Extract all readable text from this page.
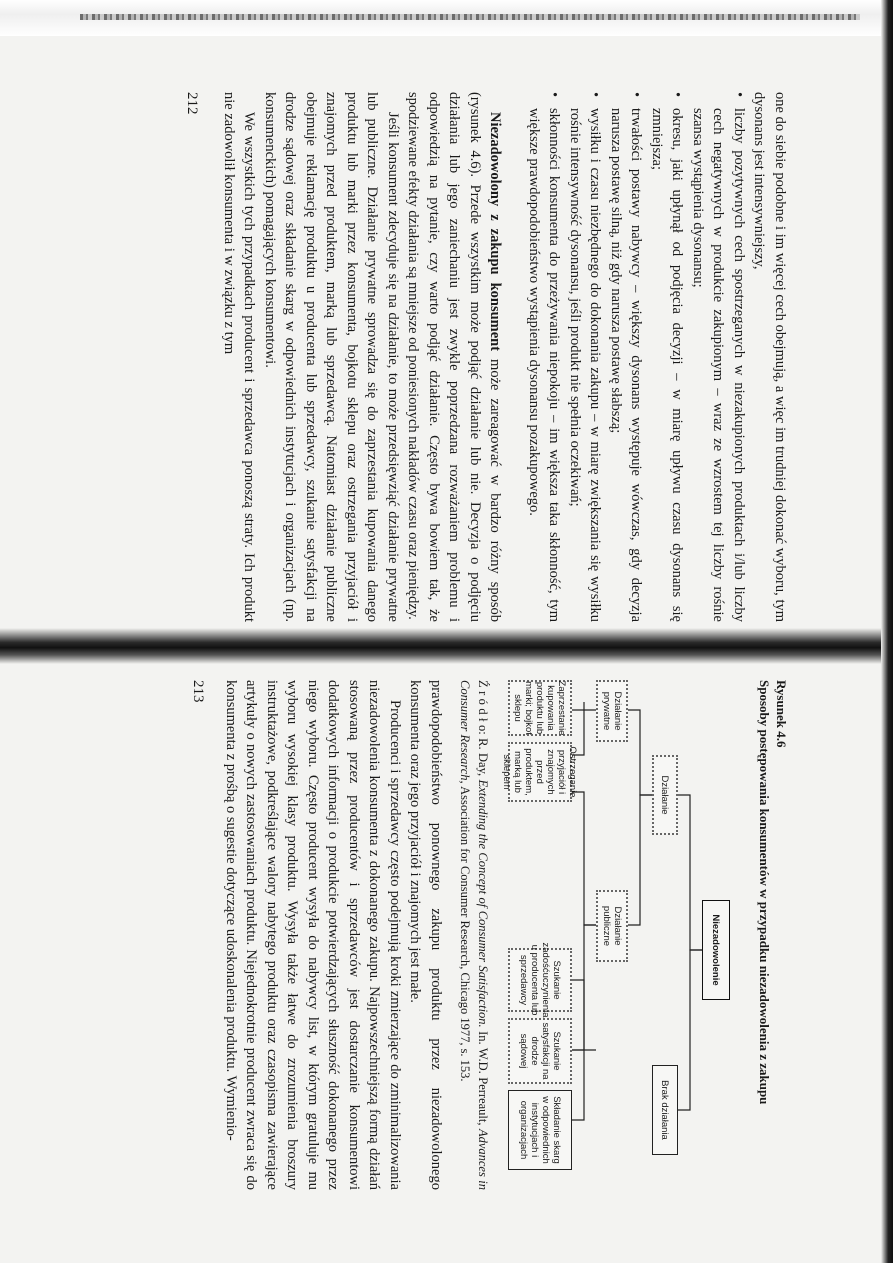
one do siebie podobne i im więcej cech obejmują, a więc im trudniej dokonać wyboru, tym dysonans jest intensywniejszy,

• liczby pozytywnych cech spostrzeganych w niezakupionych produktach i/lub liczby cech negatywnych w produkcie zakupionym – wraz ze wzrostem tej liczby rośnie szansa wystąpienia dysonansu;
• okresu, jaki upłynął od podjęcia decyzji – w miarę upływu czasu dysonans się zmniejsza;
• trwałości postawy nabywcy – większy dysonans występuje wówczas, gdy decyzja narusza postawę silną, niż gdy narusza postawę słabszą;
• wysiłku i czasu niezbędnego do dokonania zakupu – w miarę zwiększania się wysiłku rośnie intensywność dysonansu, jeśli produkt nie spełnia oczekiwań;
• skłonności konsumenta do przeżywania niepokoju – im większa taka skłonność, tym większe prawdopodobieństwo wystąpienia dysonansu pozakupowego.

Niezadowolony z zakupu konsument może zareagować w bardzo różny sposób (rysunek 4.6). Przede wszystkim może podjąć działanie lub nie. Decyzja o podjęciu działania lub jego zaniechaniu jest zwykle poprzedzana rozważaniem problemu i odpowiedzią na pytanie, czy warto podjąć działanie. Często bywa bowiem tak, że spodziewane efekty działania są mniejsze od poniesionych nakładów czasu oraz pieniędzy.

Jeśli konsument zdecyduje się na działanie, to może przedsięwziąć działanie prywatne lub publiczne. Działanie prywatne sprowadza się do zaprzestania kupowania danego produktu lub marki przez konsumenta, bojkotu sklepu oraz ostrzegania przyjaciół i znajomych przed produktem, marką lub sprzedawcą. Natomiast działanie publiczne obejmuje reklamację produktu u producenta lub sprzedawcy, szukanie satysfakcji na drodze sądowej oraz składanie skarg w odpowiednich instytucjach i organizacjach (np. konsumenckich) pomagających konsumentowi.

We wszystkich tych przypadkach producent i sprzedawca ponoszą straty. Ich produkt nie zadowolił konsumenta i w związku z tym

212
Rysunek 4.6
Sposoby postępowania konsumentów w przypadku niezadowolenia z zakupu
Niezadowolenie
Działanie
Brak działania
Działanie prywatne
Działanie publiczne
Zaprzestanie kupowania produktu lub marki; bojkot sklepu
Ostrzeganie przyjaciół i znajomych przed produktem, marką lub sklepem
Szukanie zadośćuczynienia u producenta lub sprzedawcy
Szukanie satysfakcji na drodze sądowej
Składanie skarg w odpowiednich instytucjach i organizacjach
Ź r ó d ł o: R. Day, Extending the Concept of Consumer Satisfaction. In. W.D. Perreault, Advances in Consumer Research, Association for Consumer Research, Chicago 1977, s. 153.

prawdopodobieństwo ponownego zakupu produktu przez niezadowolonego konsumenta oraz jego przyjaciół i znajomych jest małe.

Producenci i sprzedawcy często podejmują kroki zmierzające do zminimalizowania niezadowolenia konsumenta z dokonanego zakupu. Najpowszechniejszą formą działań stosowaną przez producentów i sprzedawców jest dostarczanie konsumentowi dodatkowych informacji o produkcie potwierdzających słuszność dokonanego przez niego wyboru. Często producent wysyła do nabywcy list, w którym gratuluje mu wyboru wysokiej klasy produktu. Wysyła także łatwe do zrozumienia broszury instruktażowe, podkreślające walory nabytego produktu oraz czasopisma zawierające artykuły o nowych zastosowaniach produktu. Niejednokrotnie producent zwraca się do konsumenta z prośbą o sugestie dotyczące udoskonalenia produktu. Wymienio-

213
